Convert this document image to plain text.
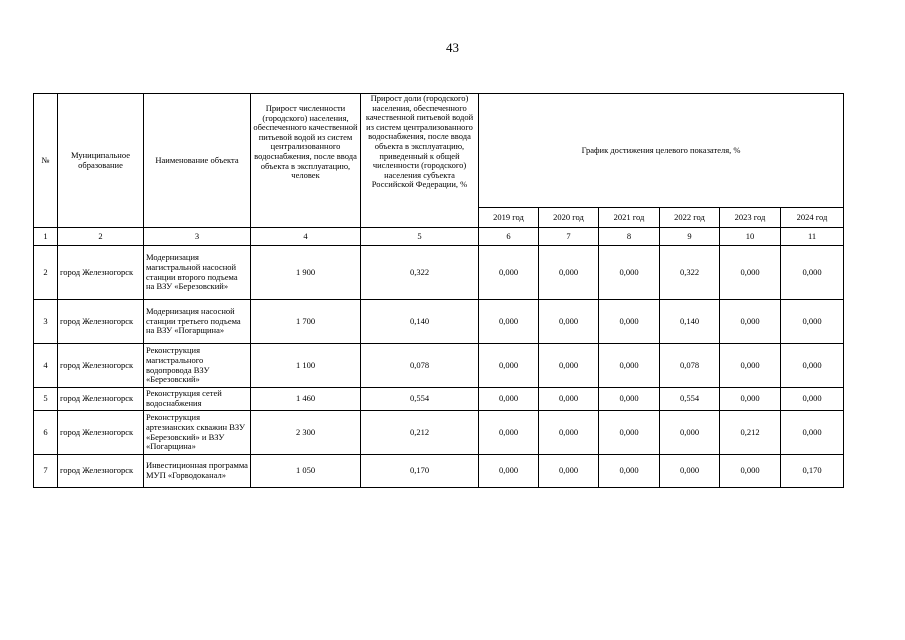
43
№	Муниципальное образование	Наименование объекта	Прирост численности (городского) населения, обеспеченного качественной питьевой водой из систем централизованного водоснабжения, после ввода объекта в эксплуатацию, человек	Прирост доли (городского) населения, обеспеченного качественной питьевой водой из систем централизованного водоснабжения, после ввода объекта в эксплуатацию, приведенный к общей численности (городского) населения субъекта Российской Федерации, %	График достижения целевого показателя, %					
					2019 год	2020 год	2021 год	2022 год	2023 год	2024 год
1	2	3	4	5	6	7	8	9	10	11
2	город Железногорск	Модернизация магистральной насосной станции второго подъема на ВЗУ «Березовский»	1 900	0,322	0,000	0,000	0,000	0,322	0,000	0,000
3	город Железногорск	Модернизация насосной станции третьего подъема на ВЗУ «Погарщина»	1 700	0,140	0,000	0,000	0,000	0,140	0,000	0,000
4	город Железногорск	Реконструкция магистрального водопровода ВЗУ «Березовский»	1 100	0,078	0,000	0,000	0,000	0,078	0,000	0,000
5	город Железногорск	Реконструкция сетей водоснабжения	1 460	0,554	0,000	0,000	0,000	0,554	0,000	0,000
6	город Железногорск	Реконструкция артезианских скважин ВЗУ «Березовский» и ВЗУ «Погарщина»	2 300	0,212	0,000	0,000	0,000	0,000	0,212	0,000
7	город Железногорск	Инвестиционная программа МУП «Горводоканал»	1 050	0,170	0,000	0,000	0,000	0,000	0,000	0,170
